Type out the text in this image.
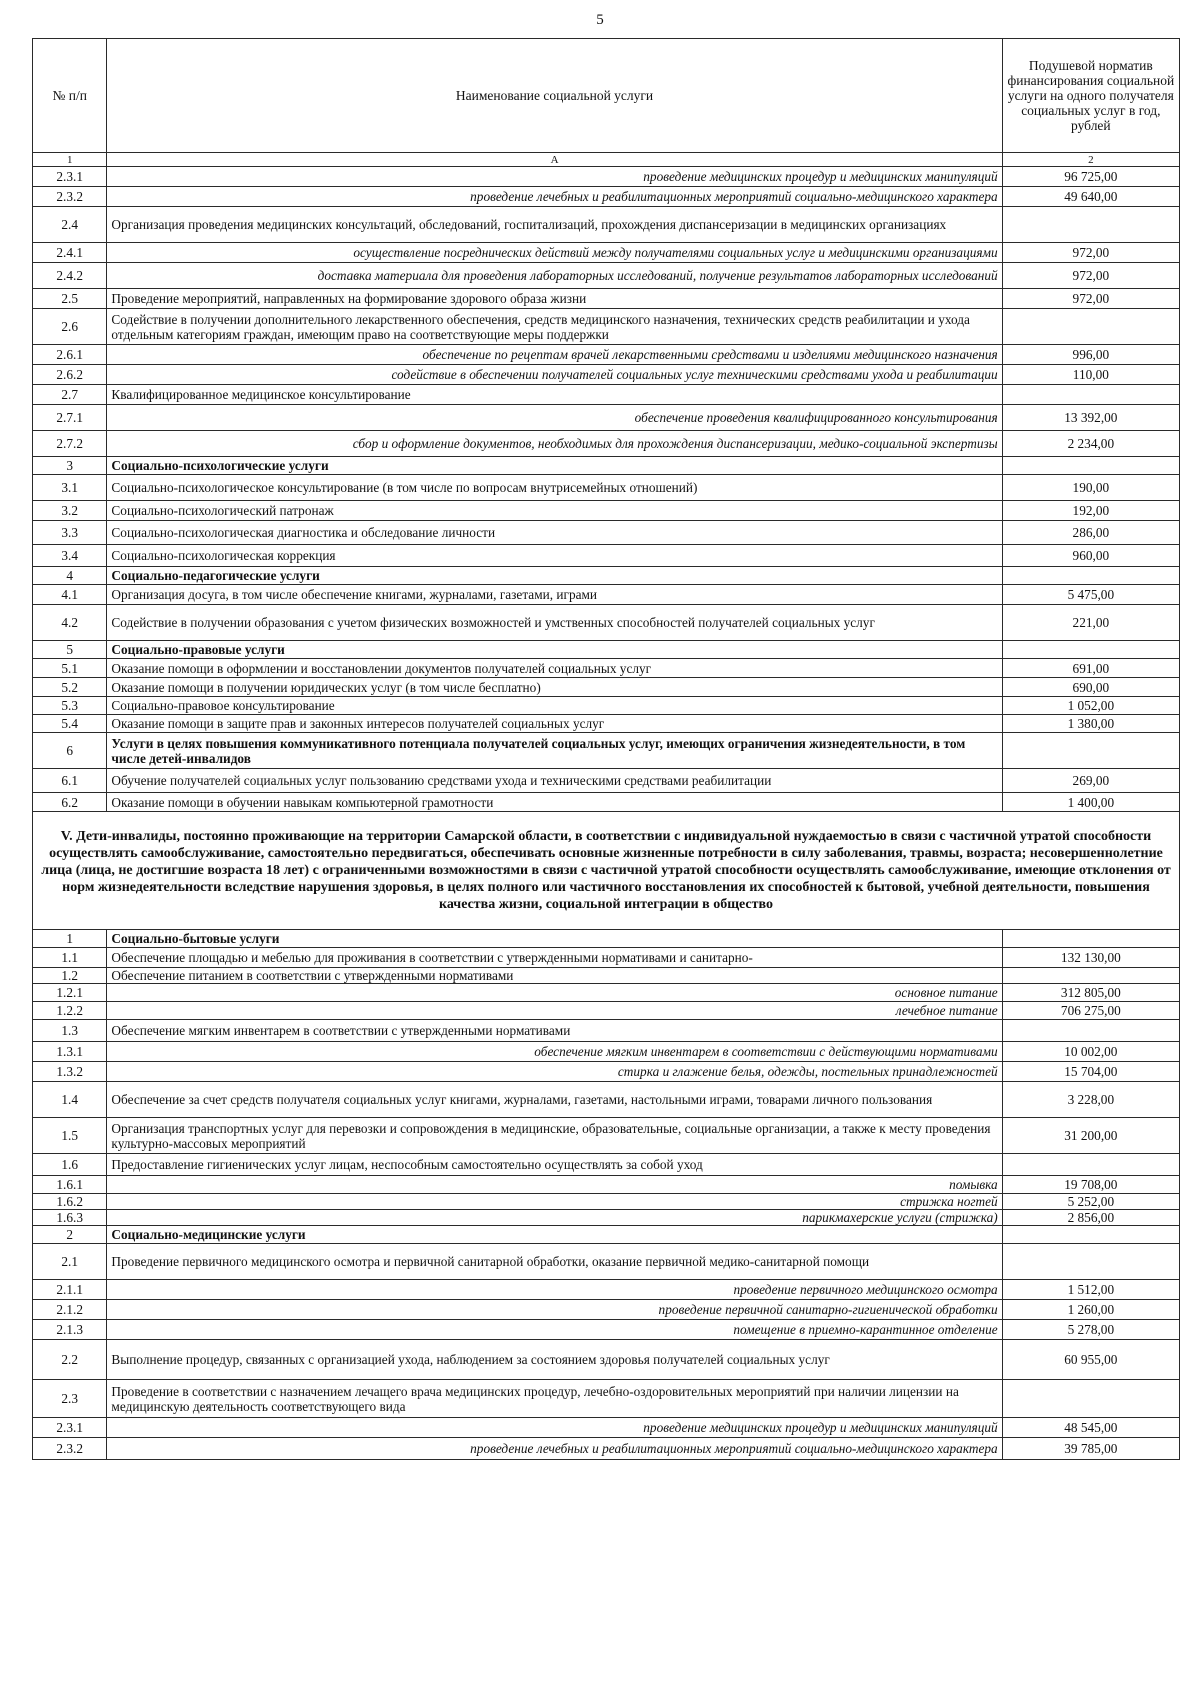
5
№ п/п	Наименование социальной услуги	Подушевой норматив финансирования социальной услуги на одного получателя социальных услуг в год, рублей
1	А	2
2.3.1	проведение медицинских процедур и медицинских манипуляций	96 725,00
2.3.2	проведение лечебных и реабилитационных мероприятий социально-медицинского характера	49 640,00
2.4	Организация проведения медицинских консультаций, обследований, госпитализаций, прохождения диспансеризации в медицинских организациях	
2.4.1	осуществление посреднических действий между получателями социальных услуг и медицинскими организациями	972,00
2.4.2	доставка материала для проведения лабораторных исследований, получение результатов лабораторных исследований	972,00
2.5	Проведение мероприятий, направленных на формирование здорового образа жизни	972,00
2.6	Содействие в получении дополнительного лекарственного обеспечения, средств медицинского назначения, технических средств реабилитации и ухода отдельным категориям граждан, имеющим право на соответствующие меры поддержки	
2.6.1	обеспечение по рецептам врачей лекарственными средствами и изделиями медицинского назначения	996,00
2.6.2	содействие в обеспечении получателей социальных услуг техническими средствами ухода и реабилитации	110,00
2.7	Квалифицированное медицинское консультирование	
2.7.1	обеспечение проведения квалифицированного консультирования	13 392,00
2.7.2	сбор и оформление документов, необходимых для прохождения диспансеризации, медико-социальной экспертизы	2 234,00
3	Социально-психологические услуги	
3.1	Социально-психологическое консультирование (в том числе по вопросам внутрисемейных отношений)	190,00
3.2	Социально-психологический патронаж	192,00
3.3	Социально-психологическая диагностика и обследование личности	286,00
3.4	Социально-психологическая коррекция	960,00
4	Социально-педагогические услуги	
4.1	Организация досуга, в том числе обеспечение книгами, журналами, газетами, играми	5 475,00
4.2	Содействие в получении образования с учетом физических возможностей и умственных способностей получателей социальных услуг	221,00
5	Социально-правовые услуги	
5.1	Оказание помощи в оформлении и восстановлении документов получателей социальных услуг	691,00
5.2	Оказание помощи в получении юридических услуг (в том числе бесплатно)	690,00
5.3	Социально-правовое консультирование	1 052,00
5.4	Оказание помощи в защите прав и законных интересов получателей социальных услуг	1 380,00
6	Услуги в целях повышения коммуникативного потенциала получателей социальных услуг, имеющих ограничения жизнедеятельности, в том числе детей-инвалидов	
6.1	Обучение получателей социальных услуг пользованию средствами ухода и техническими средствами реабилитации	269,00
6.2	Оказание помощи в обучении навыкам компьютерной грамотности	1 400,00
V. Дети-инвалиды, постоянно проживающие на территории Самарской области, в соответствии с индивидуальной нуждаемостью в связи с частичной утратой способности осуществлять самообслуживание, самостоятельно передвигаться, обеспечивать основные жизненные потребности в силу заболевания, травмы, возраста; несовершеннолетние лица (лица, не достигшие возраста 18 лет) с ограниченными возможностями в связи с частичной утратой способности осуществлять самообслуживание, имеющие отклонения от норм жизнедеятельности вследствие нарушения здоровья, в целях полного или частичного восстановления их способностей к бытовой, учебной деятельности, повышения качества жизни, социальной интеграции в общество		
1	Социально-бытовые услуги	
1.1	Обеспечение площадью и мебелью для проживания в соответствии с утвержденными нормативами и санитарно-	132 130,00
1.2	Обеспечение питанием в соответствии с утвержденными нормативами	
1.2.1	основное питание	312 805,00
1.2.2	лечебное питание	706 275,00
1.3	Обеспечение мягким инвентарем в соответствии с утвержденными нормативами	
1.3.1	обеспечение мягким инвентарем в соответствии с действующими нормативами	10 002,00
1.3.2	стирка и глажение белья, одежды, постельных принадлежностей	15 704,00
1.4	Обеспечение за счет средств получателя социальных услуг книгами, журналами, газетами, настольными играми, товарами личного пользования	3 228,00
1.5	Организация транспортных услуг для перевозки и сопровождения в медицинские, образовательные, социальные организации, а также к месту проведения культурно-массовых мероприятий	31 200,00
1.6	Предоставление гигиенических услуг лицам, неспособным самостоятельно осуществлять за собой уход	
1.6.1	помывка	19 708,00
1.6.2	стрижка ногтей	5 252,00
1.6.3	парикмахерские услуги (стрижка)	2 856,00
2	Социально-медицинские услуги	
2.1	Проведение первичного медицинского осмотра и первичной санитарной обработки, оказание первичной медико-санитарной помощи	
2.1.1	проведение первичного медицинского осмотра	1 512,00
2.1.2	проведение первичной санитарно-гигиенической обработки	1 260,00
2.1.3	помещение в приемно-карантинное отделение	5 278,00
2.2	Выполнение процедур, связанных с организацией ухода, наблюдением за состоянием здоровья получателей социальных услуг	60 955,00
2.3	Проведение в соответствии с назначением лечащего врача медицинских процедур, лечебно-оздоровительных мероприятий при наличии лицензии на медицинскую деятельность соответствующего вида	
2.3.1	проведение медицинских процедур и медицинских манипуляций	48 545,00
2.3.2	проведение лечебных и реабилитационных мероприятий социально-медицинского характера	39 785,00
